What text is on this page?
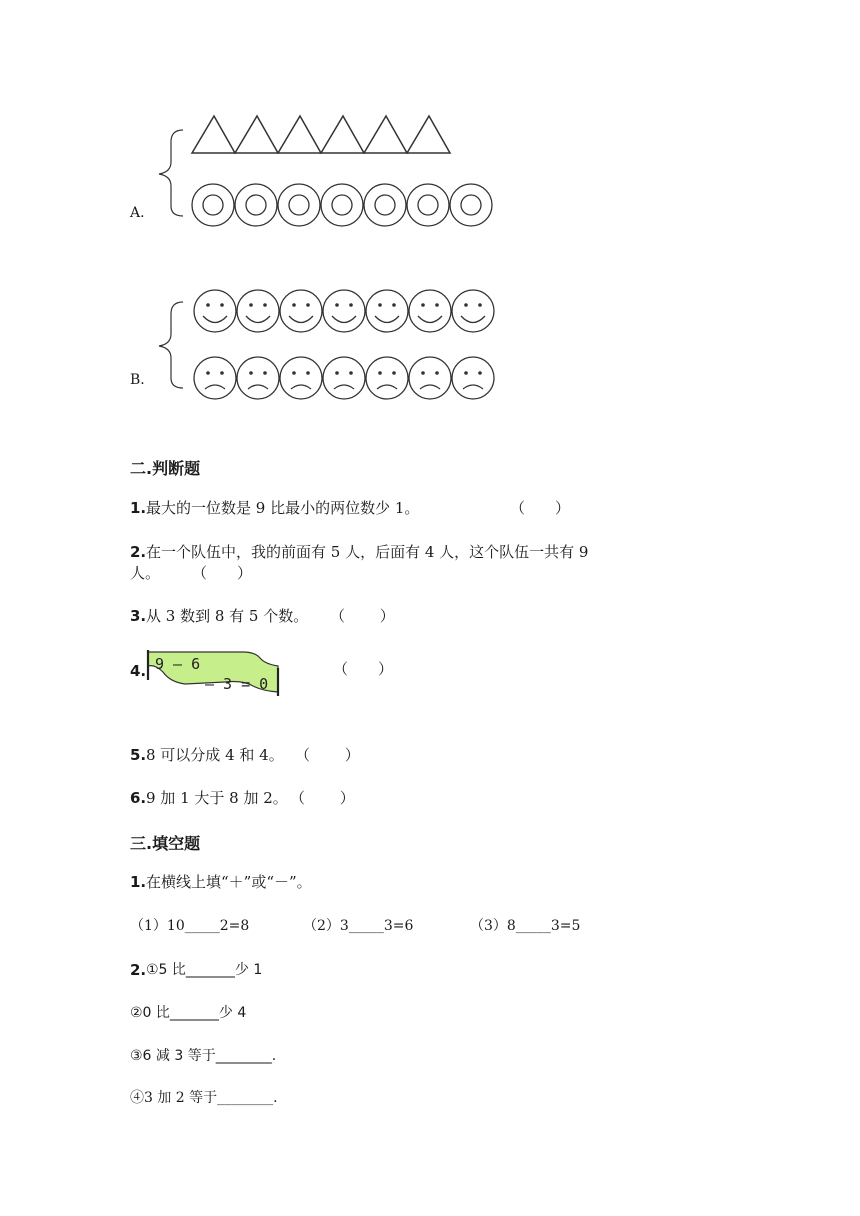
A.
B.
二.判断题
1. 最大的一位数是 9 比最小的两位数少 1。	（　　）
2. 在一个队伍中，我的前面有 5 人，后面有 4 人，这个队伍一共有 9
人。 （　　）
3. 从 3 数到 8 有 5 个数。 （　　 ）
4. 9 – 6
– 3 = 0
（　　）
5. 8 可以分成 4 和 4。 （　　 ）
6. 9 加 1 大于 8 加 2。 （　　 ）
三.填空题
1. 在横线上填“＋”或“－”。
（1）10_____2=8	（2）3_____3=6	（3）8_____3=5
2. ①5 比_______少 1
②0 比_______少 4
③6 减 3 等于________.
④3 加 2 等于________.
